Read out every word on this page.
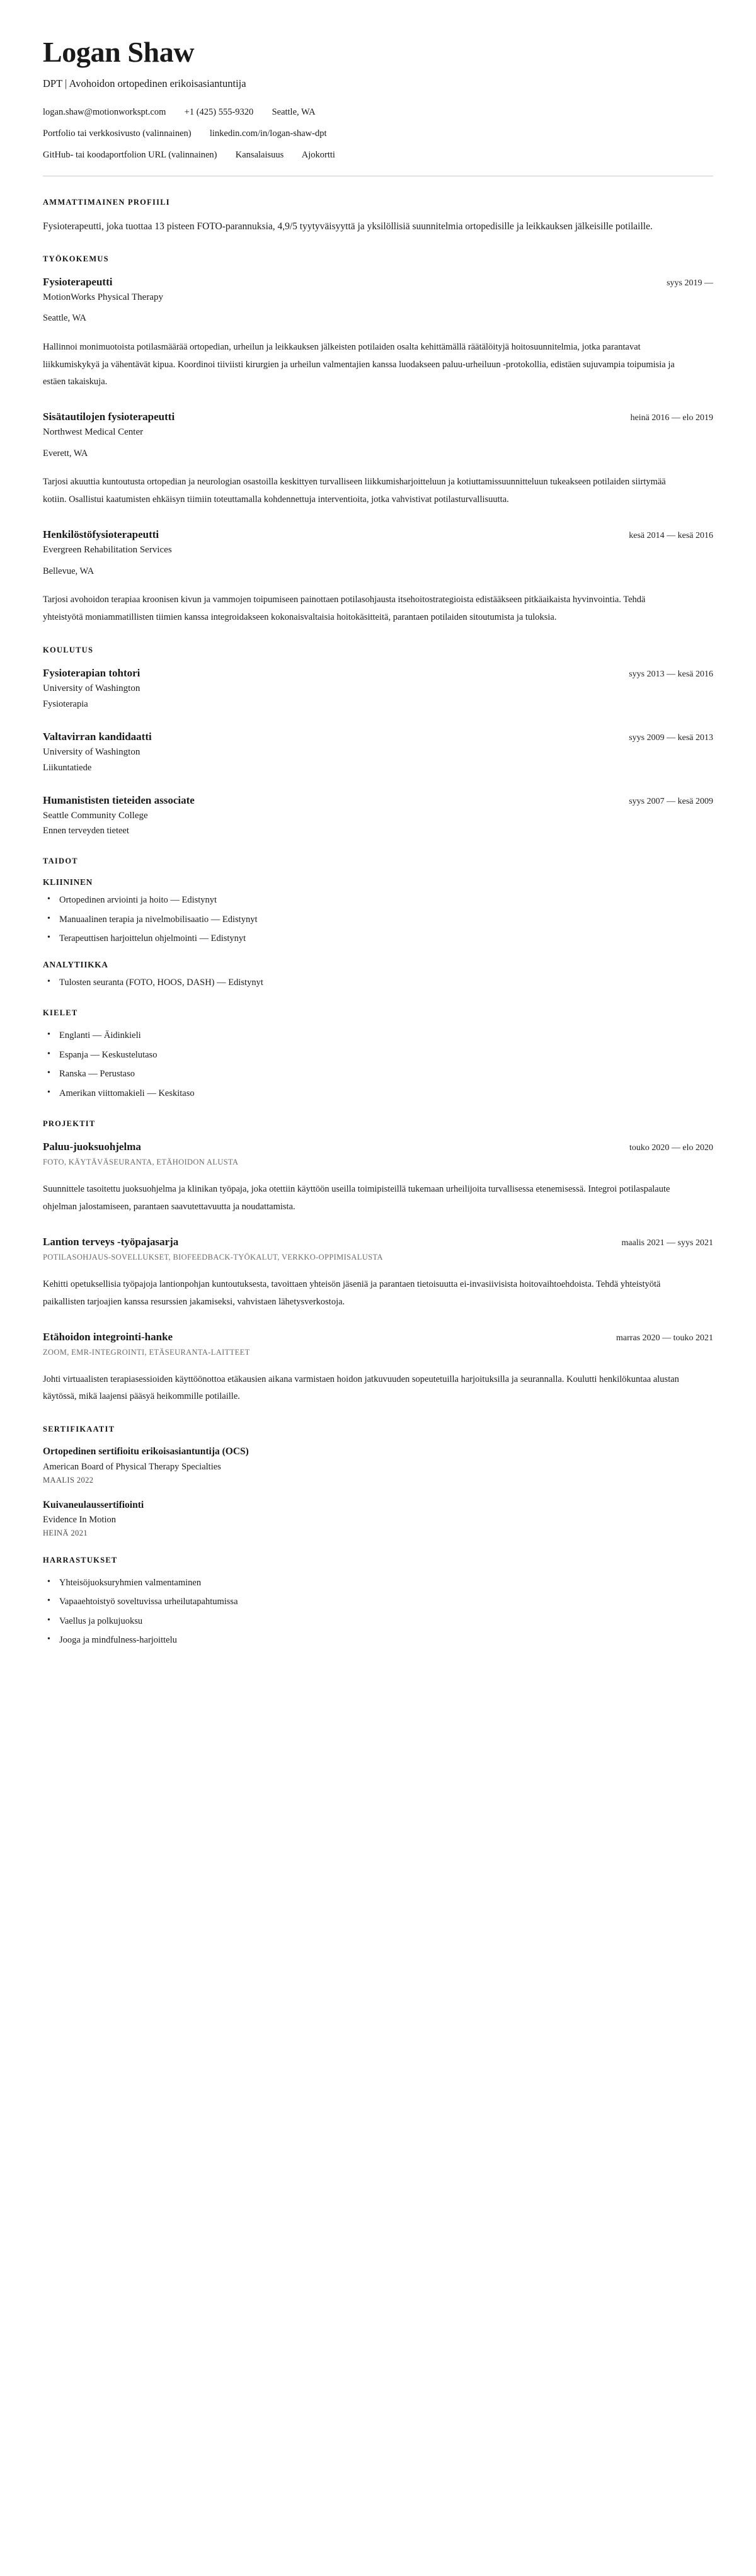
Logan Shaw

DPT | Avohoidon ortopedinen erikoisasiantuntija

logan.shaw@motionworkspt.com +1 (425) 555-9320 Seattle, WA
Portfolio tai verkkosivusto (valinnainen) linkedin.com/in/logan-shaw-dpt
GitHub- tai koodaportfolion URL (valinnainen) Kansalaisuus Ajokortti
AMMATTIMAINEN PROFIILI

Fysioterapeutti, joka tuottaa 13 pisteen FOTO-parannuksia, 4,9/5 tyytyväisyyttä ja yksilöllisiä suunnitelmia ortopedisille ja leikkauksen jälkeisille potilaille.

TYÖKOKEMUS
Fysioterapeutti	syys 2019 —

MotionWorks Physical Therapy

Seattle, WA

Hallinnoi monimuotoista potilasmäärää ortopedian, urheilun ja leikkauksen jälkeisten potilaiden osalta kehittämällä räätälöityjä hoitosuunnitelmia, jotka parantavat liikkumiskykyä ja vähentävät kipua. Koordinoi tiiviisti kirurgien ja urheilun valmentajien kanssa luodakseen paluu-urheiluun -protokollia, edistäen sujuvampia toipumisia ja estäen takaiskuja.

Sisätautilojen fysioterapeutti	heinä 2016 — elo 2019

Northwest Medical Center

Everett, WA

Tarjosi akuuttia kuntoutusta ortopedian ja neurologian osastoilla keskittyen turvalliseen liikkumisharjoitteluun ja kotiuttamissuunnitteluun tukeakseen potilaiden siirtymää kotiin. Osallistui kaatumisten ehkäisyn tiimiin toteuttamalla kohdennettuja interventioita, jotka vahvistivat potilasturvallisuutta.

Henkilöstöfysioterapeutti	kesä 2014 — kesä 2016

Evergreen Rehabilitation Services

Bellevue, WA

Tarjosi avohoidon terapiaa kroonisen kivun ja vammojen toipumiseen painottaen potilasohjausta itsehoitostrategioista edistääkseen pitkäaikaista hyvinvointia. Tehdä yhteistyötä moniammatillisten tiimien kanssa integroidakseen kokonaisvaltaisia hoitokäsitteitä, parantaen potilaiden sitoutumista ja tuloksia.

KOULUTUS
Fysioterapian tohtori	syys 2013 — kesä 2016

University of Washington

Fysioterapia

Valtavirran kandidaatti	syys 2009 — kesä 2013

University of Washington

Liikuntatiede

Humanististen tieteiden associate	syys 2007 — kesä 2009

Seattle Community College

Ennen terveyden tieteet

TAIDOT
KLIININEN
• Ortopedinen arviointi ja hoito — Edistynyt
• Manuaalinen terapia ja nivelmobilisaatio — Edistynyt
• Terapeuttisen harjoittelun ohjelmointi — Edistynyt
ANALYTIIKKA
• Tulosten seuranta (FOTO, HOOS, DASH) — Edistynyt
KIELET
• Englanti — Äidinkieli
• Espanja — Keskustelutaso
• Ranska — Perustaso
• Amerikan viittomakieli — Keskitaso
PROJEKTIT
Paluu-juoksuohjelma	touko 2020 — elo 2020

FOTO, KÄYTÄVÄSEURANTA, ETÄHOIDON ALUSTA

Suunnittele tasoitettu juoksuohjelma ja klinikan työpaja, joka otettiin käyttöön useilla toimipisteillä tukemaan urheilijoita turvallisessa etenemisessä. Integroi potilaspalaute ohjelman jalostamiseen, parantaen saavutettavuutta ja noudattamista.

Lantion terveys -työpajasarja	maalis 2021 — syys 2021

POTILASOHJAUS-SOVELLUKSET, BIOFEEDBACK-TYÖKALUT, VERKKO-OPPIMISALUSTA

Kehitti opetuksellisia työpajoja lantionpohjan kuntoutuksesta, tavoittaen yhteisön jäseniä ja parantaen tietoisuutta ei-invasiivisista hoitovaihtoehdoista. Tehdä yhteistyötä paikallisten tarjoajien kanssa resurssien jakamiseksi, vahvistaen lähetysverkostoja.

Etähoidon integrointi-hanke	marras 2020 — touko 2021

ZOOM, EMR-INTEGROINTI, ETÄSEURANTA-LAITTEET

Johti virtuaalisten terapiasessioiden käyttöönottoa etäkausien aikana varmistaen hoidon jatkuvuuden sopeutetuilla harjoituksilla ja seurannalla. Koulutti henkilökuntaa alustan käytössä, mikä laajensi pääsyä heikommille potilaille.

SERTIFIKAATIT

Ortopedinen sertifioitu erikoisasiantuntija (OCS)

American Board of Physical Therapy Specialties

MAALIS 2022

Kuivaneulaussertifiointi

Evidence In Motion

HEINÄ 2021

HARRASTUKSET
• Yhteisöjuoksuryhmien valmentaminen
• Vapaaehtoistyö soveltuvissa urheilutapahtumissa
• Vaellus ja polkujuoksu
• Jooga ja mindfulness-harjoittelu
